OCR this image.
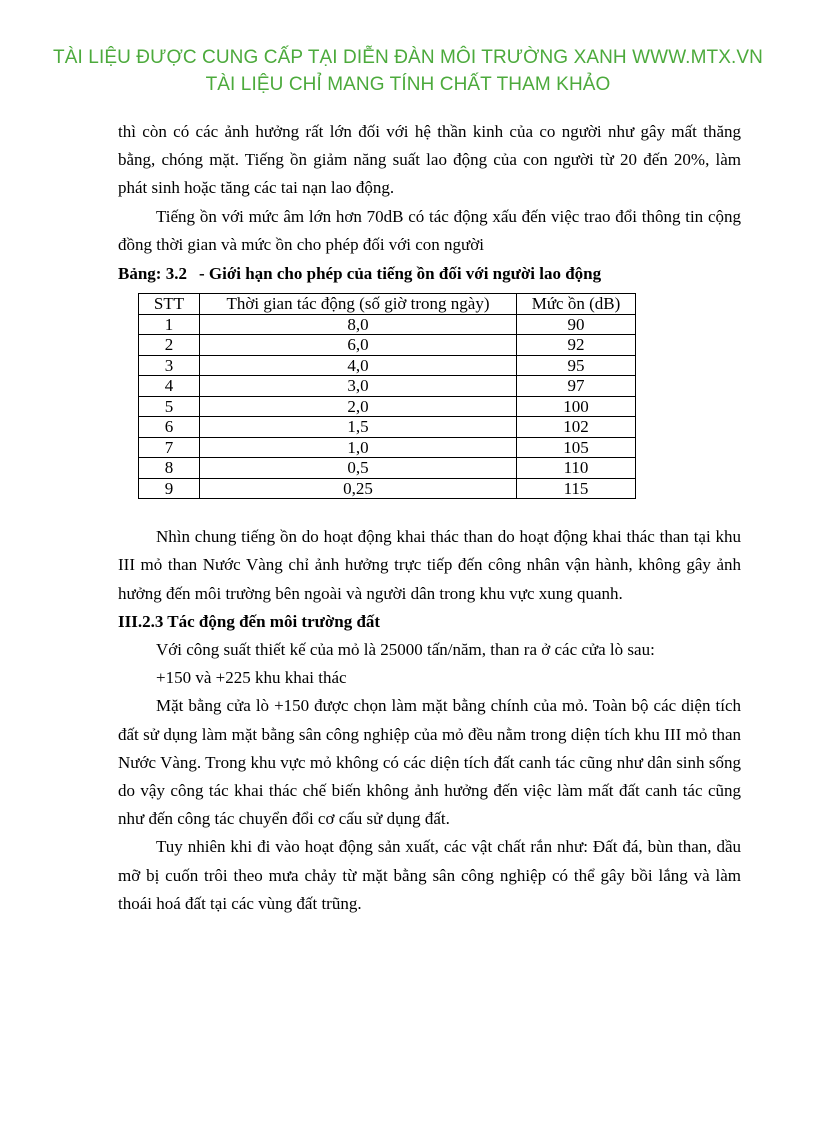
TÀI LIỆU ĐƯỢC CUNG CẤP TẠI DIỄN ĐÀN MÔI TRƯỜNG XANH WWW.MTX.VN
TÀI LIỆU CHỈ MANG TÍNH CHẤT THAM KHẢO

thì còn có các ảnh hưởng rất lớn đối với hệ thần kinh của co người như gây mất thăng bằng, chóng mặt. Tiếng ồn giảm năng suất lao động của con người từ 20 đến 20%, làm phát sinh hoặc tăng các tai nạn lao động.

Tiếng ồn với mức âm lớn hơn 70dB có tác động xấu đến việc trao đổi thông tin cộng đồng thời gian và mức ồn cho phép đối với con người

Bảng: 3.2 - Giới hạn cho phép của tiếng ồn đối với người lao động

STT	Thời gian tác động (số giờ trong ngày)	Mức ồn (dB)
1	8,0	90
2	6,0	92
3	4,0	95
4	3,0	97
5	2,0	100
6	1,5	102
7	1,0	105
8	0,5	110
9	0,25	115

Nhìn chung tiếng ồn do hoạt động khai thác than do hoạt động khai thác than tại khu III mỏ than Nước Vàng chỉ ảnh hưởng trực tiếp đến công nhân vận hành, không gây ảnh hưởng đến môi trường bên ngoài và người dân trong khu vực xung quanh.

III.2.3 Tác động đến môi trường đất

Với công suất thiết kế của mỏ là 25000 tấn/năm, than ra ở các cửa lò sau:

+150 và +225 khu khai thác

Mặt bằng cửa lò +150 được chọn làm mặt bằng chính của mỏ. Toàn bộ các diện tích đất sử dụng làm mặt bằng sân công nghiệp của mỏ đều nằm trong diện tích khu III mỏ than Nước Vàng. Trong khu vực mỏ không có các diện tích đất canh tác cũng như dân sinh sống do vậy công tác khai thác chế biến không ảnh hưởng đến việc làm mất đất canh tác cũng như đến công tác chuyển đổi cơ cấu sử dụng đất.

Tuy nhiên khi đi vào hoạt động sản xuất, các vật chất rắn như: Đất đá, bùn than, dầu mỡ bị cuốn trôi theo mưa chảy từ mặt bằng sân công nghiệp có thể gây bồi lắng và làm thoái hoá đất tại các vùng đất trũng.
